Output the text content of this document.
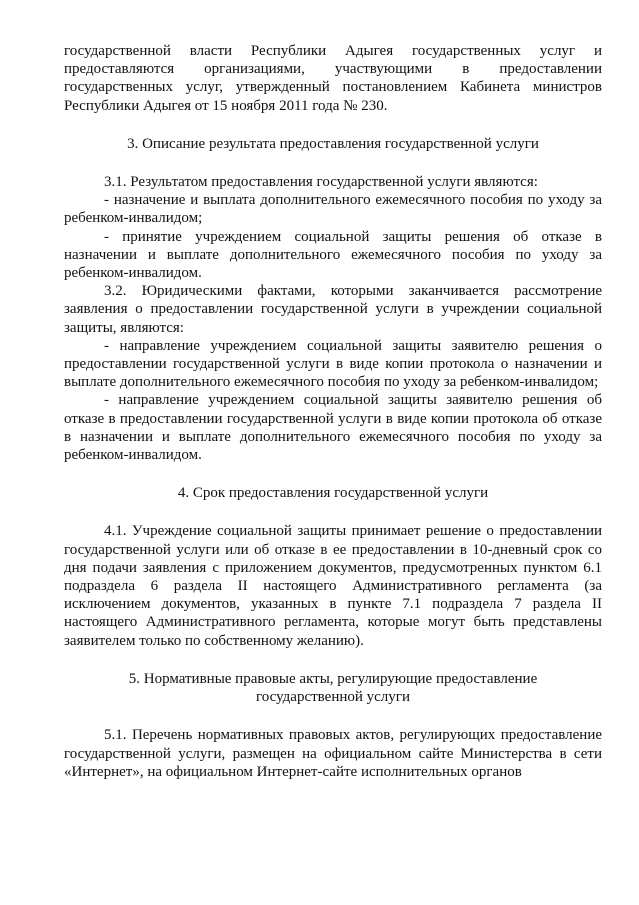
государственной власти Республики Адыгея государственных услуг и предоставляются организациями, участвующими в предоставлении государственных услуг, утвержденный постановлением Кабинета министров Республики Адыгея от 15 ноября 2011 года № 230.

3. Описание результата предоставления государственной услуги

3.1. Результатом предоставления государственной услуги являются:

- назначение и выплата дополнительного ежемесячного пособия по уходу за ребенком-инвалидом;

- принятие учреждением социальной защиты решения об отказе в назначении и выплате дополнительного ежемесячного пособия по уходу за ребенком-инвалидом.

3.2. Юридическими фактами, которыми заканчивается рассмотрение заявления о предоставлении государственной услуги в учреждении социальной защиты, являются:

- направление учреждением социальной защиты заявителю решения о предоставлении государственной услуги в виде копии протокола о назначении и выплате дополнительного ежемесячного пособия по уходу за ребенком-инвалидом;

- направление учреждением социальной защиты заявителю решения об отказе в предоставлении государственной услуги в виде копии протокола об отказе в назначении и выплате дополнительного ежемесячного пособия по уходу за ребенком-инвалидом.

4. Срок предоставления государственной услуги

4.1. Учреждение социальной защиты принимает решение о предоставлении государственной услуги или об отказе в ее предоставлении в 10-дневный срок со дня подачи заявления с приложением документов, предусмотренных пунктом 6.1 подраздела 6 раздела II настоящего Административного регламента (за исключением документов, указанных в пункте 7.1 подраздела 7 раздела II настоящего Административного регламента, которые могут быть представлены заявителем только по собственному желанию).

5. Нормативные правовые акты, регулирующие предоставление государственной услуги

5.1. Перечень нормативных правовых актов, регулирующих предоставление государственной услуги, размещен на официальном сайте Министерства в сети «Интернет», на официальном Интернет-сайте исполнительных органов
